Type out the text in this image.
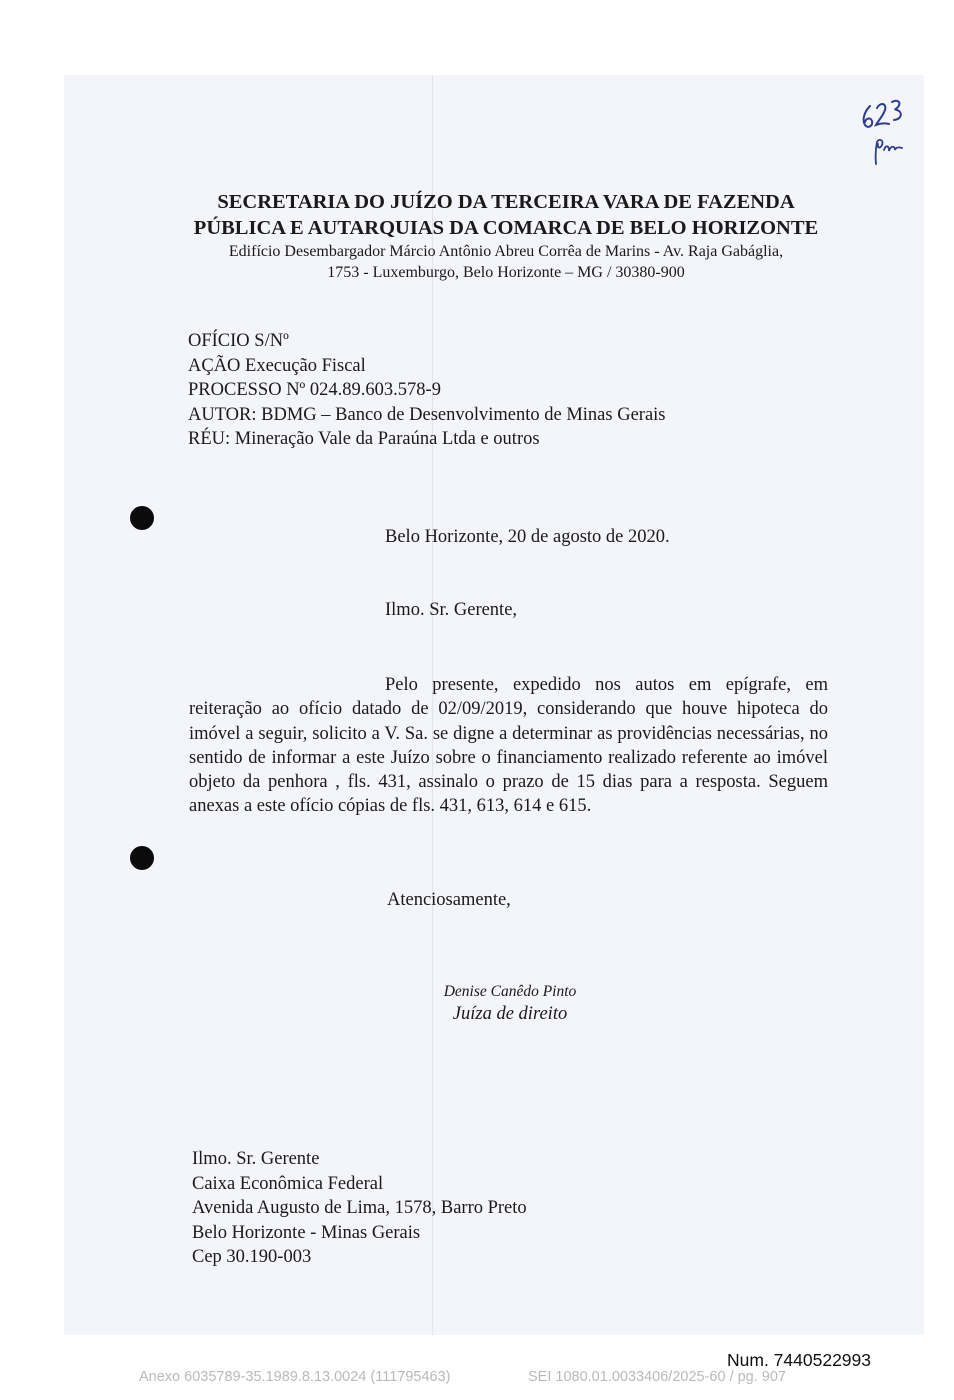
SECRETARIA DO JUÍZO DA TERCEIRA VARA DE FAZENDA
PÚBLICA E AUTARQUIAS DA COMARCA DE BELO HORIZONTE
Edifício Desembargador Márcio Antônio Abreu Corrêa de Marins - Av. Raja Gabáglia,
1753 - Luxemburgo, Belo Horizonte – MG / 30380-900
OFÍCIO S/Nº
AÇÃO Execução Fiscal
PROCESSO Nº 024.89.603.578-9
AUTOR: BDMG – Banco de Desenvolvimento de Minas Gerais
RÉU: Mineração Vale da Paraúna Ltda e outros
Belo Horizonte, 20 de agosto de 2020.
Ilmo. Sr. Gerente,
Pelo presente, expedido nos autos em epígrafe, em reiteração ao ofício datado de 02/09/2019, considerando que houve hipoteca do imóvel a seguir, solicito a V. Sa. se digne a determinar as providências necessárias, no sentido de informar a este Juízo sobre o financiamento realizado referente ao imóvel objeto da penhora , fls. 431, assinalo o prazo de 15 dias para a resposta. Seguem anexas a este ofício cópias de fls. 431, 613, 614 e 615.
Atenciosamente,
Denise Canêdo Pinto
Juíza de direito
Ilmo. Sr. Gerente
Caixa Econômica Federal
Avenida Augusto de Lima, 1578, Barro Preto
Belo Horizonte - Minas Gerais
Cep 30.190-003
Num. 7440522993
Anexo 6035789-35.1989.8.13.0024 (111795463)	SEI 1080.01.0033406/2025-60 / pg. 907
